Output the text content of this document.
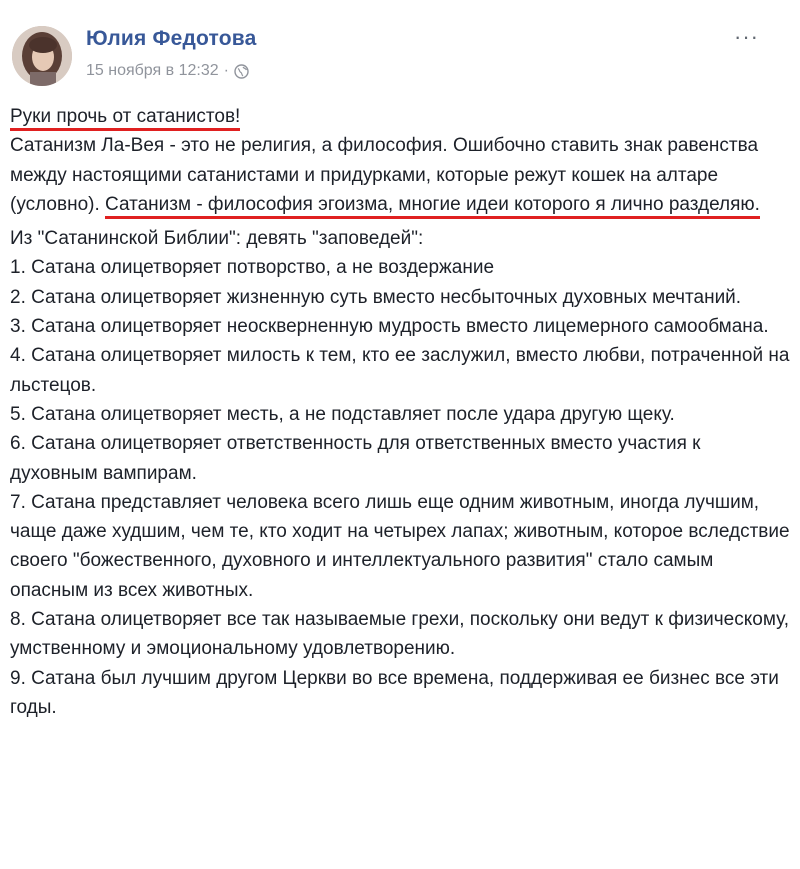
Юлия Федотова
15 ноября в 12:32 ·
···

Руки прочь от сатанистов!

Сатанизм Ла-Вея - это не религия, а философия. Ошибочно ставить знак равенства между настоящими сатанистами и придурками, которые режут кошек на алтаре (условно). Сатанизм - философия эгоизма, многие идеи которого я лично разделяю.

Из "Сатанинской Библии": девять "заповедей":

1. Сатана олицетворяет потворство, а не воздержание

2. Сатана олицетворяет жизненную суть вместо несбыточных духовных мечтаний.

3. Сатана олицетворяет неоскверненную мудрость вместо лицемерного самообмана.

4. Сатана олицетворяет милость к тем, кто ее заслужил, вместо любви, потраченной на льстецов.

5. Сатана олицетворяет месть, а не подставляет после удара другую щеку.

6. Сатана олицетворяет ответственность для ответственных вместо участия к духовным вампирам.

7. Сатана представляет человека всего лишь еще одним животным, иногда лучшим, чаще даже худшим, чем те, кто ходит на четырех лапах; животным, которое вследствие своего "божественного, духовного и интеллектуального развития" стало самым опасным из всех животных.

8. Сатана олицетворяет все так называемые грехи, поскольку они ведут к физическому, умственному и эмоциональному удовлетворению.

9. Сатана был лучшим другом Церкви во все времена, поддерживая ее бизнес все эти годы.
